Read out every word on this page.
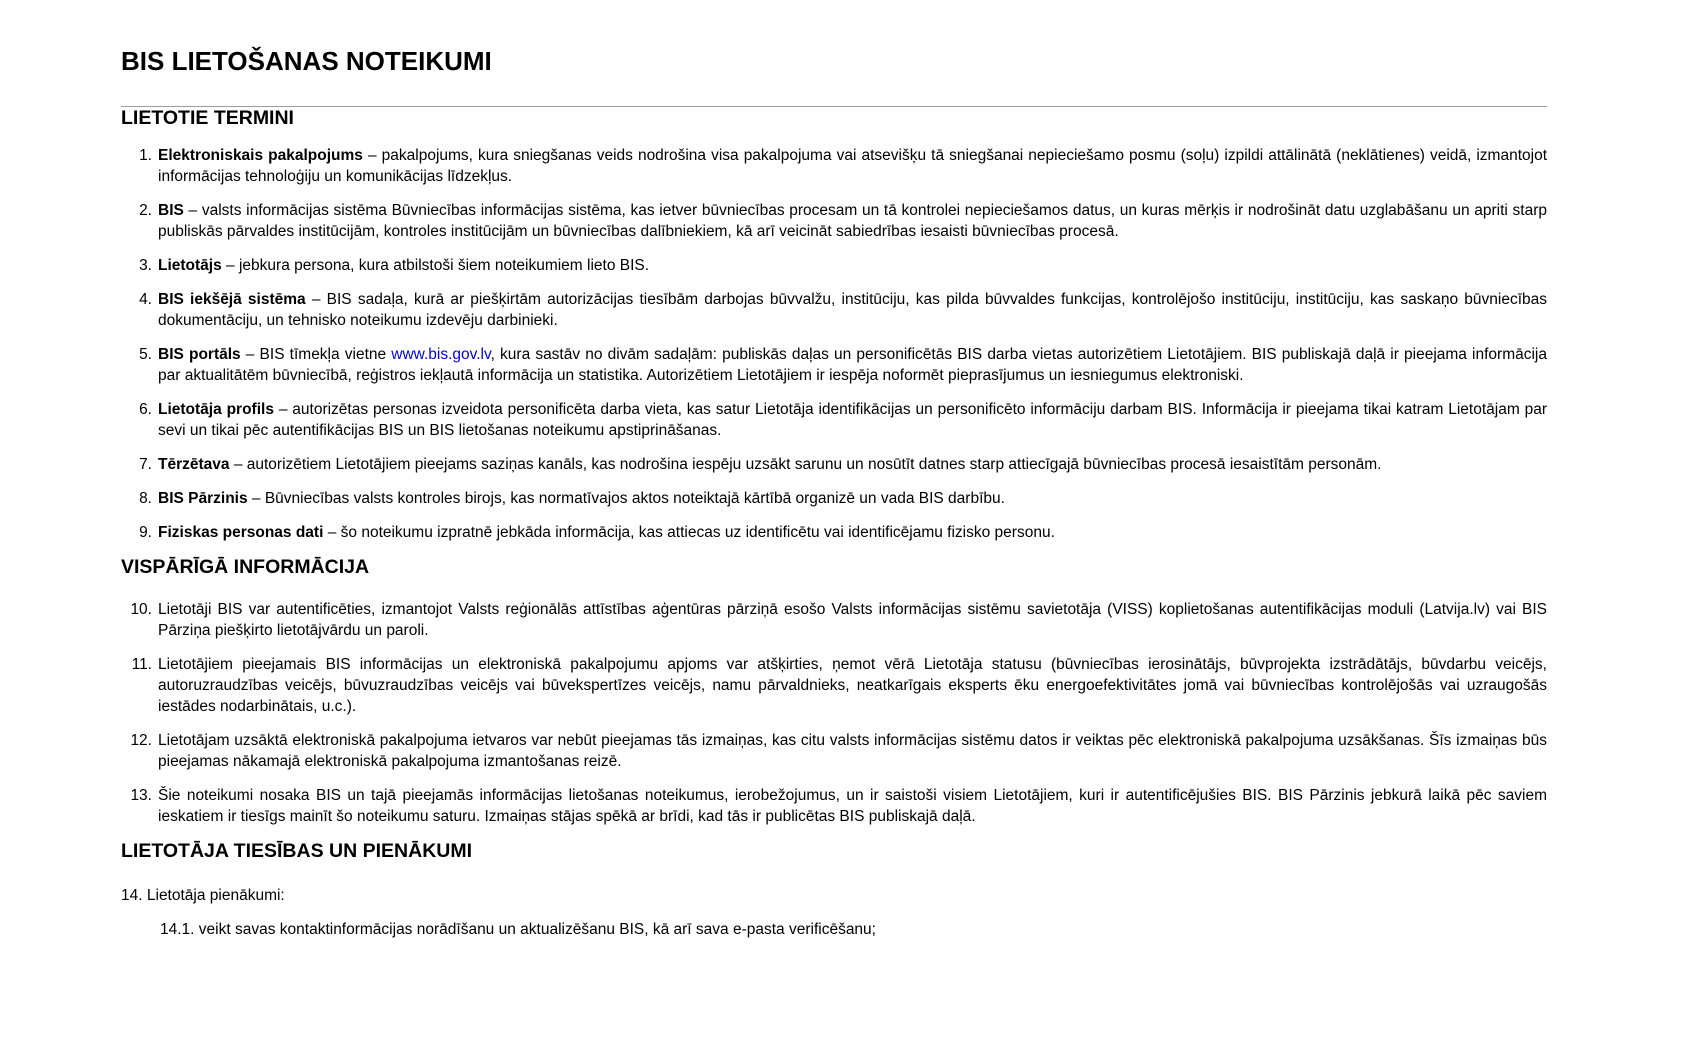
BIS LIETOŠANAS NOTEIKUMI
LIETOTIE TERMINI
1. Elektroniskais pakalpojums – pakalpojums, kura sniegšanas veids nodrošina visa pakalpojuma vai atsevišķu tā sniegšanai nepieciešamo posmu (soļu) izpildi attālinātā (neklātienes) veidā, izmantojot informācijas tehnoloģiju un komunikācijas līdzekļus.
2. BIS – valsts informācijas sistēma Būvniecības informācijas sistēma, kas ietver būvniecības procesam un tā kontrolei nepieciešamos datus, un kuras mērķis ir nodrošināt datu uzglabāšanu un apriti starp publiskās pārvaldes institūcijām, kontroles institūcijām un būvniecības dalībniekiem, kā arī veicināt sabiedrības iesaisti būvniecības procesā.
3. Lietotājs – jebkura persona, kura atbilstoši šiem noteikumiem lieto BIS.
4. BIS iekšējā sistēma – BIS sadaļa, kurā ar piešķirtām autorizācijas tiesībām darbojas būvvalžu, institūciju, kas pilda būvvaldes funkcijas, kontrolējošo institūciju, institūciju, kas saskaņo būvniecības dokumentāciju, un tehnisko noteikumu izdevēju darbinieki.
5. BIS portāls – BIS tīmekļa vietne www.bis.gov.lv, kura sastāv no divām sadaļām: publiskās daļas un personificētās BIS darba vietas autorizētiem Lietotājiem. BIS publiskajā daļā ir pieejama informācija par aktualitātēm būvniecībā, reģistros iekļautā informācija un statistika. Autorizētiem Lietotājiem ir iespēja noformēt pieprasījumus un iesniegumus elektroniski.
6. Lietotāja profils – autorizētas personas izveidota personificēta darba vieta, kas satur Lietotāja identifikācijas un personificēto informāciju darbam BIS. Informācija ir pieejama tikai katram Lietotājam par sevi un tikai pēc autentifikācijas BIS un BIS lietošanas noteikumu apstiprināšanas.
7. Tērzētava – autorizētiem Lietotājiem pieejams saziņas kanāls, kas nodrošina iespēju uzsākt sarunu un nosūtīt datnes starp attiecīgajā būvniecības procesā iesaistītām personām.
8. BIS Pārzinis – Būvniecības valsts kontroles birojs, kas normatīvajos aktos noteiktajā kārtībā organizē un vada BIS darbību.
9. Fiziskas personas dati – šo noteikumu izpratnē jebkāda informācija, kas attiecas uz identificētu vai identificējamu fizisko personu.
VISPĀRĪGĀ INFORMĀCIJA
10. Lietotāji BIS var autentificēties, izmantojot Valsts reģionālās attīstības aģentūras pārziņā esošo Valsts informācijas sistēmu savietotāja (VISS) koplietošanas autentifikācijas moduli (Latvija.lv) vai BIS Pārziņa piešķirto lietotājvārdu un paroli.
11. Lietotājiem pieejamais BIS informācijas un elektroniskā pakalpojumu apjoms var atšķirties, ņemot vērā Lietotāja statusu (būvniecības ierosinātājs, būvprojekta izstrādātājs, būvdarbu veicējs, autoruzraudzības veicējs, būvuzraudzības veicējs vai būvekspertīzes veicējs, namu pārvaldnieks, neatkarīgais eksperts ēku energoefektivitātes jomā vai būvniecības kontrolējošās vai uzraugošās iestādes nodarbinātais, u.c.).
12. Lietotājam uzsāktā elektroniskā pakalpojuma ietvaros var nebūt pieejamas tās izmaiņas, kas citu valsts informācijas sistēmu datos ir veiktas pēc elektroniskā pakalpojuma uzsākšanas. Šīs izmaiņas būs pieejamas nākamajā elektroniskā pakalpojuma izmantošanas reizē.
13. Šie noteikumi nosaka BIS un tajā pieejamās informācijas lietošanas noteikumus, ierobežojumus, un ir saistoši visiem Lietotājiem, kuri ir autentificējušies BIS. BIS Pārzinis jebkurā laikā pēc saviem ieskatiem ir tiesīgs mainīt šo noteikumu saturu. Izmaiņas stājas spēkā ar brīdi, kad tās ir publicētas BIS publiskajā daļā.
LIETOTĀJA TIESĪBAS UN PIENĀKUMI
14. Lietotāja pienākumi:
14.1. veikt savas kontaktinformācijas norādīšanu un aktualizēšanu BIS, kā arī sava e-pasta verificēšanu;
